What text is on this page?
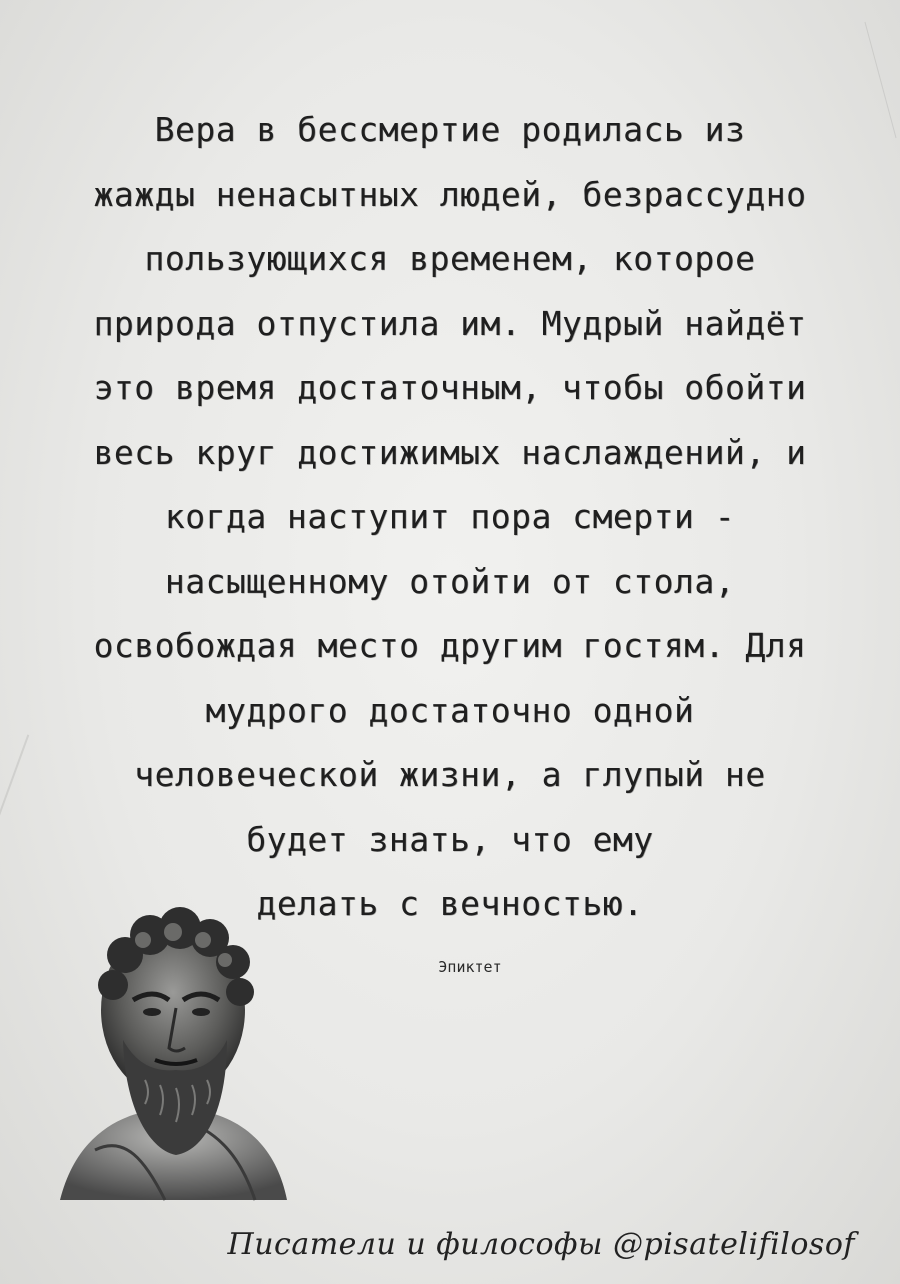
Вера в бессмертие родилась из
жажды ненасытных людей, безрассудно
пользующихся временем, которое
природа отпустила им. Мудрый найдёт
это время достаточным, чтобы обойти
весь круг достижимых наслаждений, и
когда наступит пора смерти -
насыщенному отойти от стола,
освобождая место другим гостям. Для
мудрого достаточно одной
человеческой жизни, а глупый не
будет знать, что ему
делать с вечностью.
Эпиктет
Писатели и философы @pisatelifilosof
